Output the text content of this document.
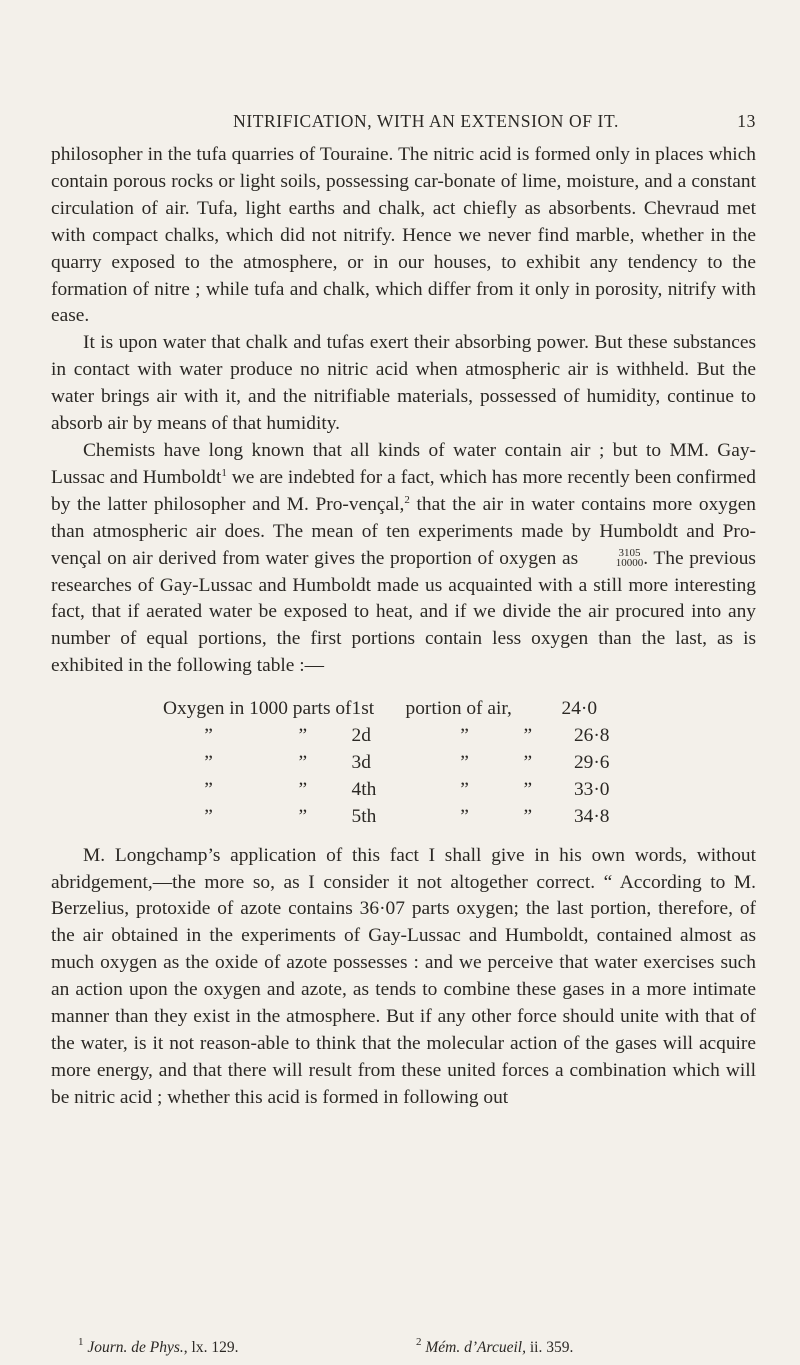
NITRIFICATION, WITH AN EXTENSION OF IT.	13

philosopher in the tufa quarries of Touraine. The nitric acid is formed only in places which contain porous rocks or light soils, possessing car-bonate of lime, moisture, and a constant circulation of air. Tufa, light earths and chalk, act chiefly as absorbents. Chevraud met with compact chalks, which did not nitrify. Hence we never find marble, whether in the quarry exposed to the atmosphere, or in our houses, to exhibit any tendency to the formation of nitre ; while tufa and chalk, which differ from it only in porosity, nitrify with ease.

It is upon water that chalk and tufas exert their absorbing power. But these substances in contact with water produce no nitric acid when atmospheric air is withheld. But the water brings air with it, and the nitrifiable materials, possessed of humidity, continue to absorb air by means of that humidity.

Chemists have long known that all kinds of water contain air ; but to MM. Gay-Lussac and Humboldt$^1$ we are indebted for a fact, which has more recently been confirmed by the latter philosopher and M. Pro-vençal,$^2$ that the air in water contains more oxygen than atmospheric air does. The mean of ten experiments made by Humboldt and Pro-vençal on air derived from water gives the proportion of oxygen as	3105
10000 . The previous researches of Gay-Lussac and Humboldt made us acquainted with a still more interesting fact, that if aerated water be exposed to heat, and if we divide the air procured into any number of equal portions, the first portions contain less oxygen than the last, as is exhibited in the following table :—

Oxygen in 1000 parts of		1st	portion of air,		24·0
”	”	2d	”	”	26·8
”	”	3d	”	”	29·6
”	”	4th	”	”	33·0
”	”	5th	”	”	34·8

M. Longchamp’s application of this fact I shall give in his own words, without abridgement,—the more so, as I consider it not altogether correct. “ According to M. Berzelius, protoxide of azote contains 36·07 parts oxygen; the last portion, therefore, of the air obtained in the experiments of Gay-Lussac and Humboldt, contained almost as much oxygen as the oxide of azote possesses : and we perceive that water exercises such an action upon the oxygen and azote, as tends to combine these gases in a more intimate manner than they exist in the atmosphere. But if any other force should unite with that of the water, is it not reason-able to think that the molecular action of the gases will acquire more energy, and that there will result from these united forces a combination which will be nitric acid ; whether this acid is formed in following out

$^1$ Journ. de Phys., lx. 129.	$^2$ Mém. d’Arcueil, ii. 359.
